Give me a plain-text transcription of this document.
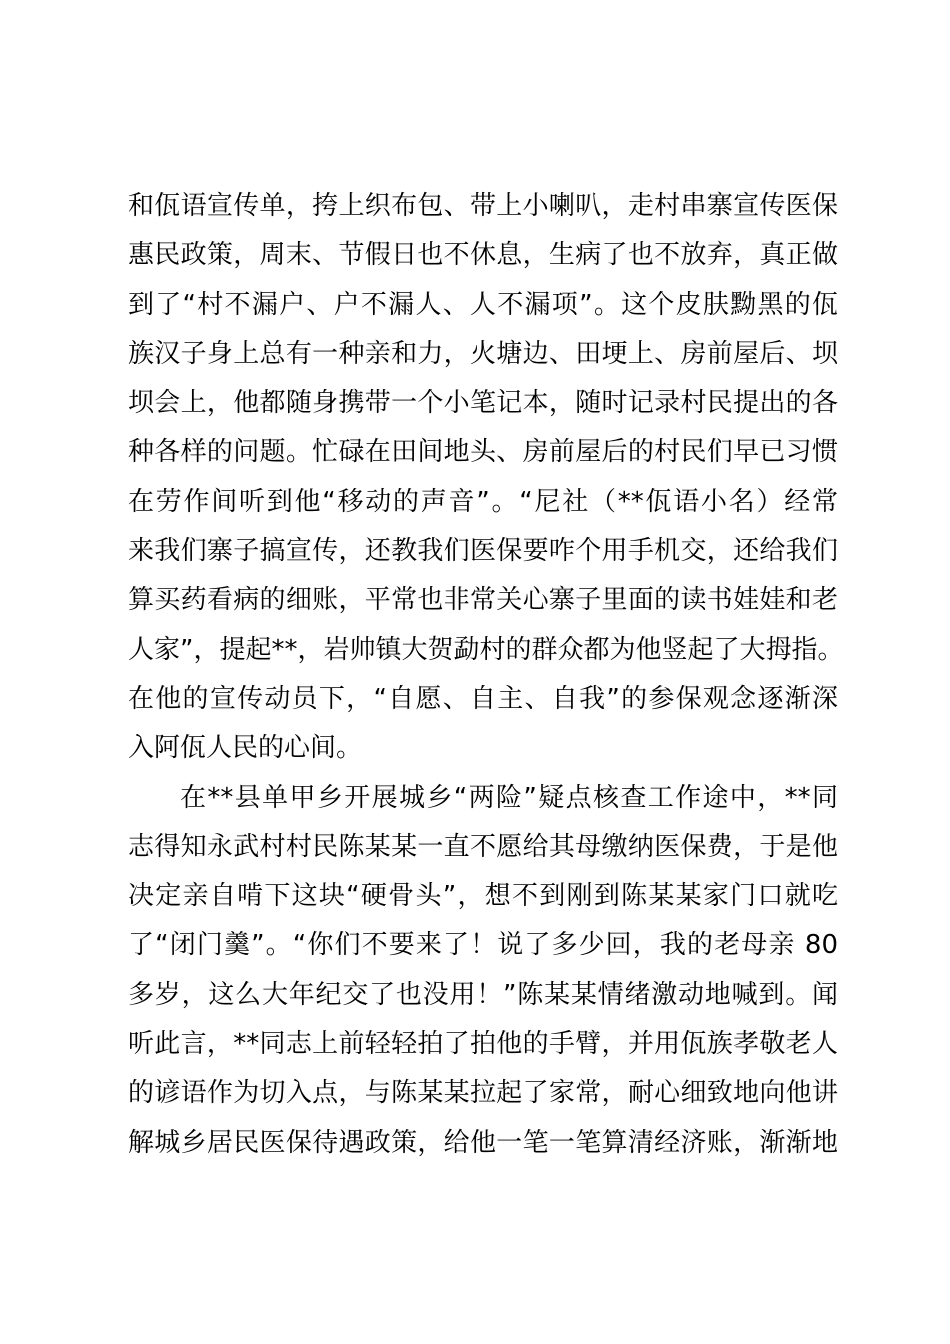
和佤语宣传单，挎上织布包、带上小喇叭，走村串寨宣传医保
惠民政策，周末、节假日也不休息，生病了也不放弃，真正做
到了“村不漏户、户不漏人、人不漏项”。这个皮肤黝黑的佤
族汉子身上总有一种亲和力，火塘边、田埂上、房前屋后、坝
坝会上，他都随身携带一个小笔记本，随时记录村民提出的各
种各样的问题。忙碌在田间地头、房前屋后的村民们早已习惯
在劳作间听到他“移动的声音”。“尼社（**佤语小名）经常
来我们寨子搞宣传，还教我们医保要咋个用手机交，还给我们
算买药看病的细账，平常也非常关心寨子里面的读书娃娃和老
人家”，提起**，岩帅镇大贺勐村的群众都为他竖起了大拇指。
在他的宣传动员下，“自愿、自主、自我”的参保观念逐渐深
入阿佤人民的心间。
在**县单甲乡开展城乡“两险”疑点核查工作途中，**同
志得知永武村村民陈某某一直不愿给其母缴纳医保费，于是他
决定亲自啃下这块“硬骨头”，想不到刚到陈某某家门口就吃
了“闭门羹”。“你们不要来了！说了多少回，我的老母亲 80
多岁，这么大年纪交了也没用！”陈某某情绪激动地喊到。闻
听此言，**同志上前轻轻拍了拍他的手臂，并用佤族孝敬老人
的谚语作为切入点，与陈某某拉起了家常，耐心细致地向他讲
解城乡居民医保待遇政策，给他一笔一笔算清经济账，渐渐地
